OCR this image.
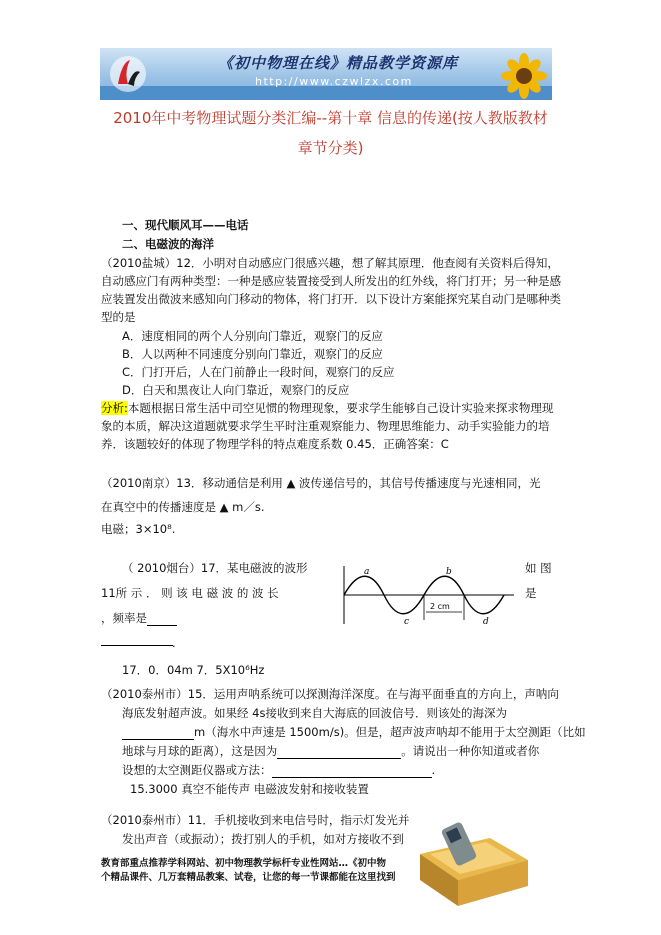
《初中物理在线》精品教学资源库
http://www.czwlzx.com
2010年中考物理试题分类汇编--第十章 信息的传递(按人教版教材
章节分类)
一、现代顺风耳——电话
二、电磁波的海洋
（2010盐城）12．小明对自动感应门很感兴趣，想了解其原理．他查阅有关资料后得知，
自动感应门有两种类型：一种是感应装置接受到人所发出的红外线，将门打开；另一种是感
应装置发出微波来感知向门移动的物体，将门打开．以下设计方案能探究某自动门是哪种类
型的是
A．速度相同的两个人分别向门靠近，观察门的反应
B．人以两种不同速度分别向门靠近，观察门的反应
C．门打开后，人在门前静止一段时间，观察门的反应
D．白天和黑夜让人向门靠近，观察门的反应
分析:本题根据日常生活中司空见惯的物理现象，要求学生能够自己设计实验来探求物理现
象的本质，解决这道题就要求学生平时注重观察能力、物理思维能力、动手实验能力的培
养．该题较好的体现了物理学科的特点难度系数 0.45．正确答案：C
（2010南京）13．移动通信是利用 ▲ 波传递信号的，其信号传播速度与光速相同，光
在真空中的传播速度是 ▲ m／s.
电磁；3×10⁸.
（ 2010烟台）17．某电磁波的波形	如 图
11所 示 ． 则 该 电 磁 波 的 波 长	是
，频率是
.
a	b
c	d
2 cm
17．0．04m 7．5X10⁶Hz
（2010泰州市）15．运用声呐系统可以探测海洋深度。在与海平面垂直的方向上，声呐向
海底发射超声波。如果经 4s接收到来自大海底的回波信号．则该处的海深为
m（海水中声速是 1500m/s)。但是，超声波声呐却不能用于太空测距（比如
地球与月球的距离），这是因为	。请说出一种你知道或者你
设想的太空测距仪器或方法：	.
15.3000 真空不能传声 电磁波发射和接收装置
（2010泰州市）11．手机接收到来电信号时，指示灯发光并
发出声音（或振动）；拨打别人的手机，如对方接收不到
教育部重点推荐学科网站、初中物理教学标杆专业性网站…《初中物
个精品课件、几万套精品教案、试卷，让您的每一节课都能在这里找到
